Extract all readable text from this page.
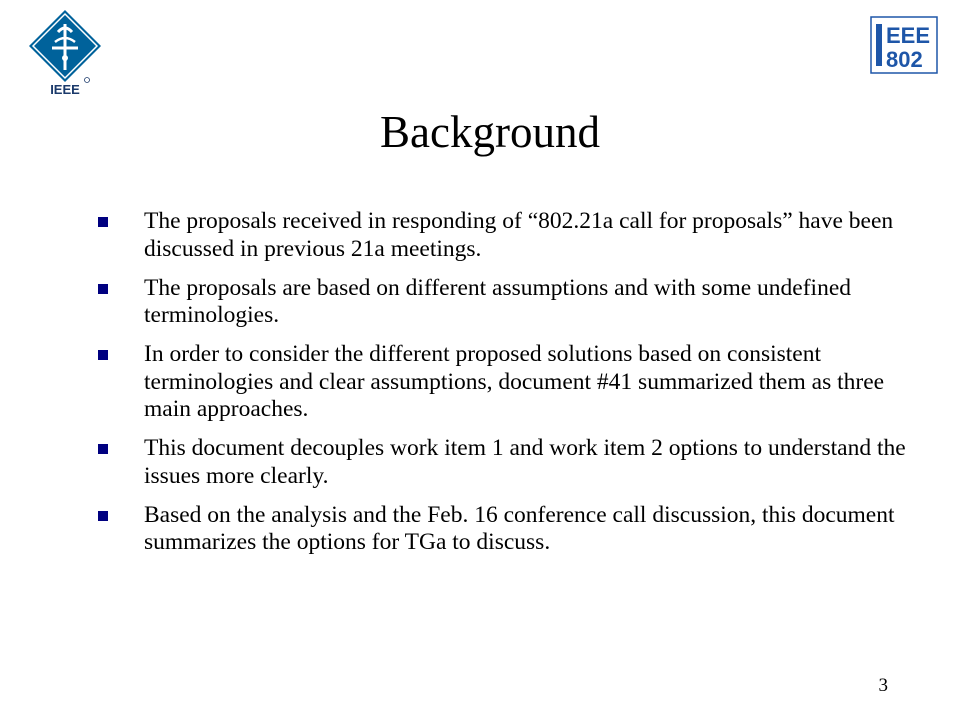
IEEE
EEE
802
Background
The proposals received in responding of “802.21a call for proposals” have been discussed in previous 21a meetings.
The proposals are based on different assumptions and with some undefined terminologies.
In order to consider the different proposed solutions based on consistent terminologies and clear assumptions, document #41 summarized them as three main approaches.
This document decouples work item 1 and work item 2 options to understand the issues more clearly.
Based on the analysis and the Feb. 16 conference call discussion, this document summarizes the options for TGa to discuss.
3
